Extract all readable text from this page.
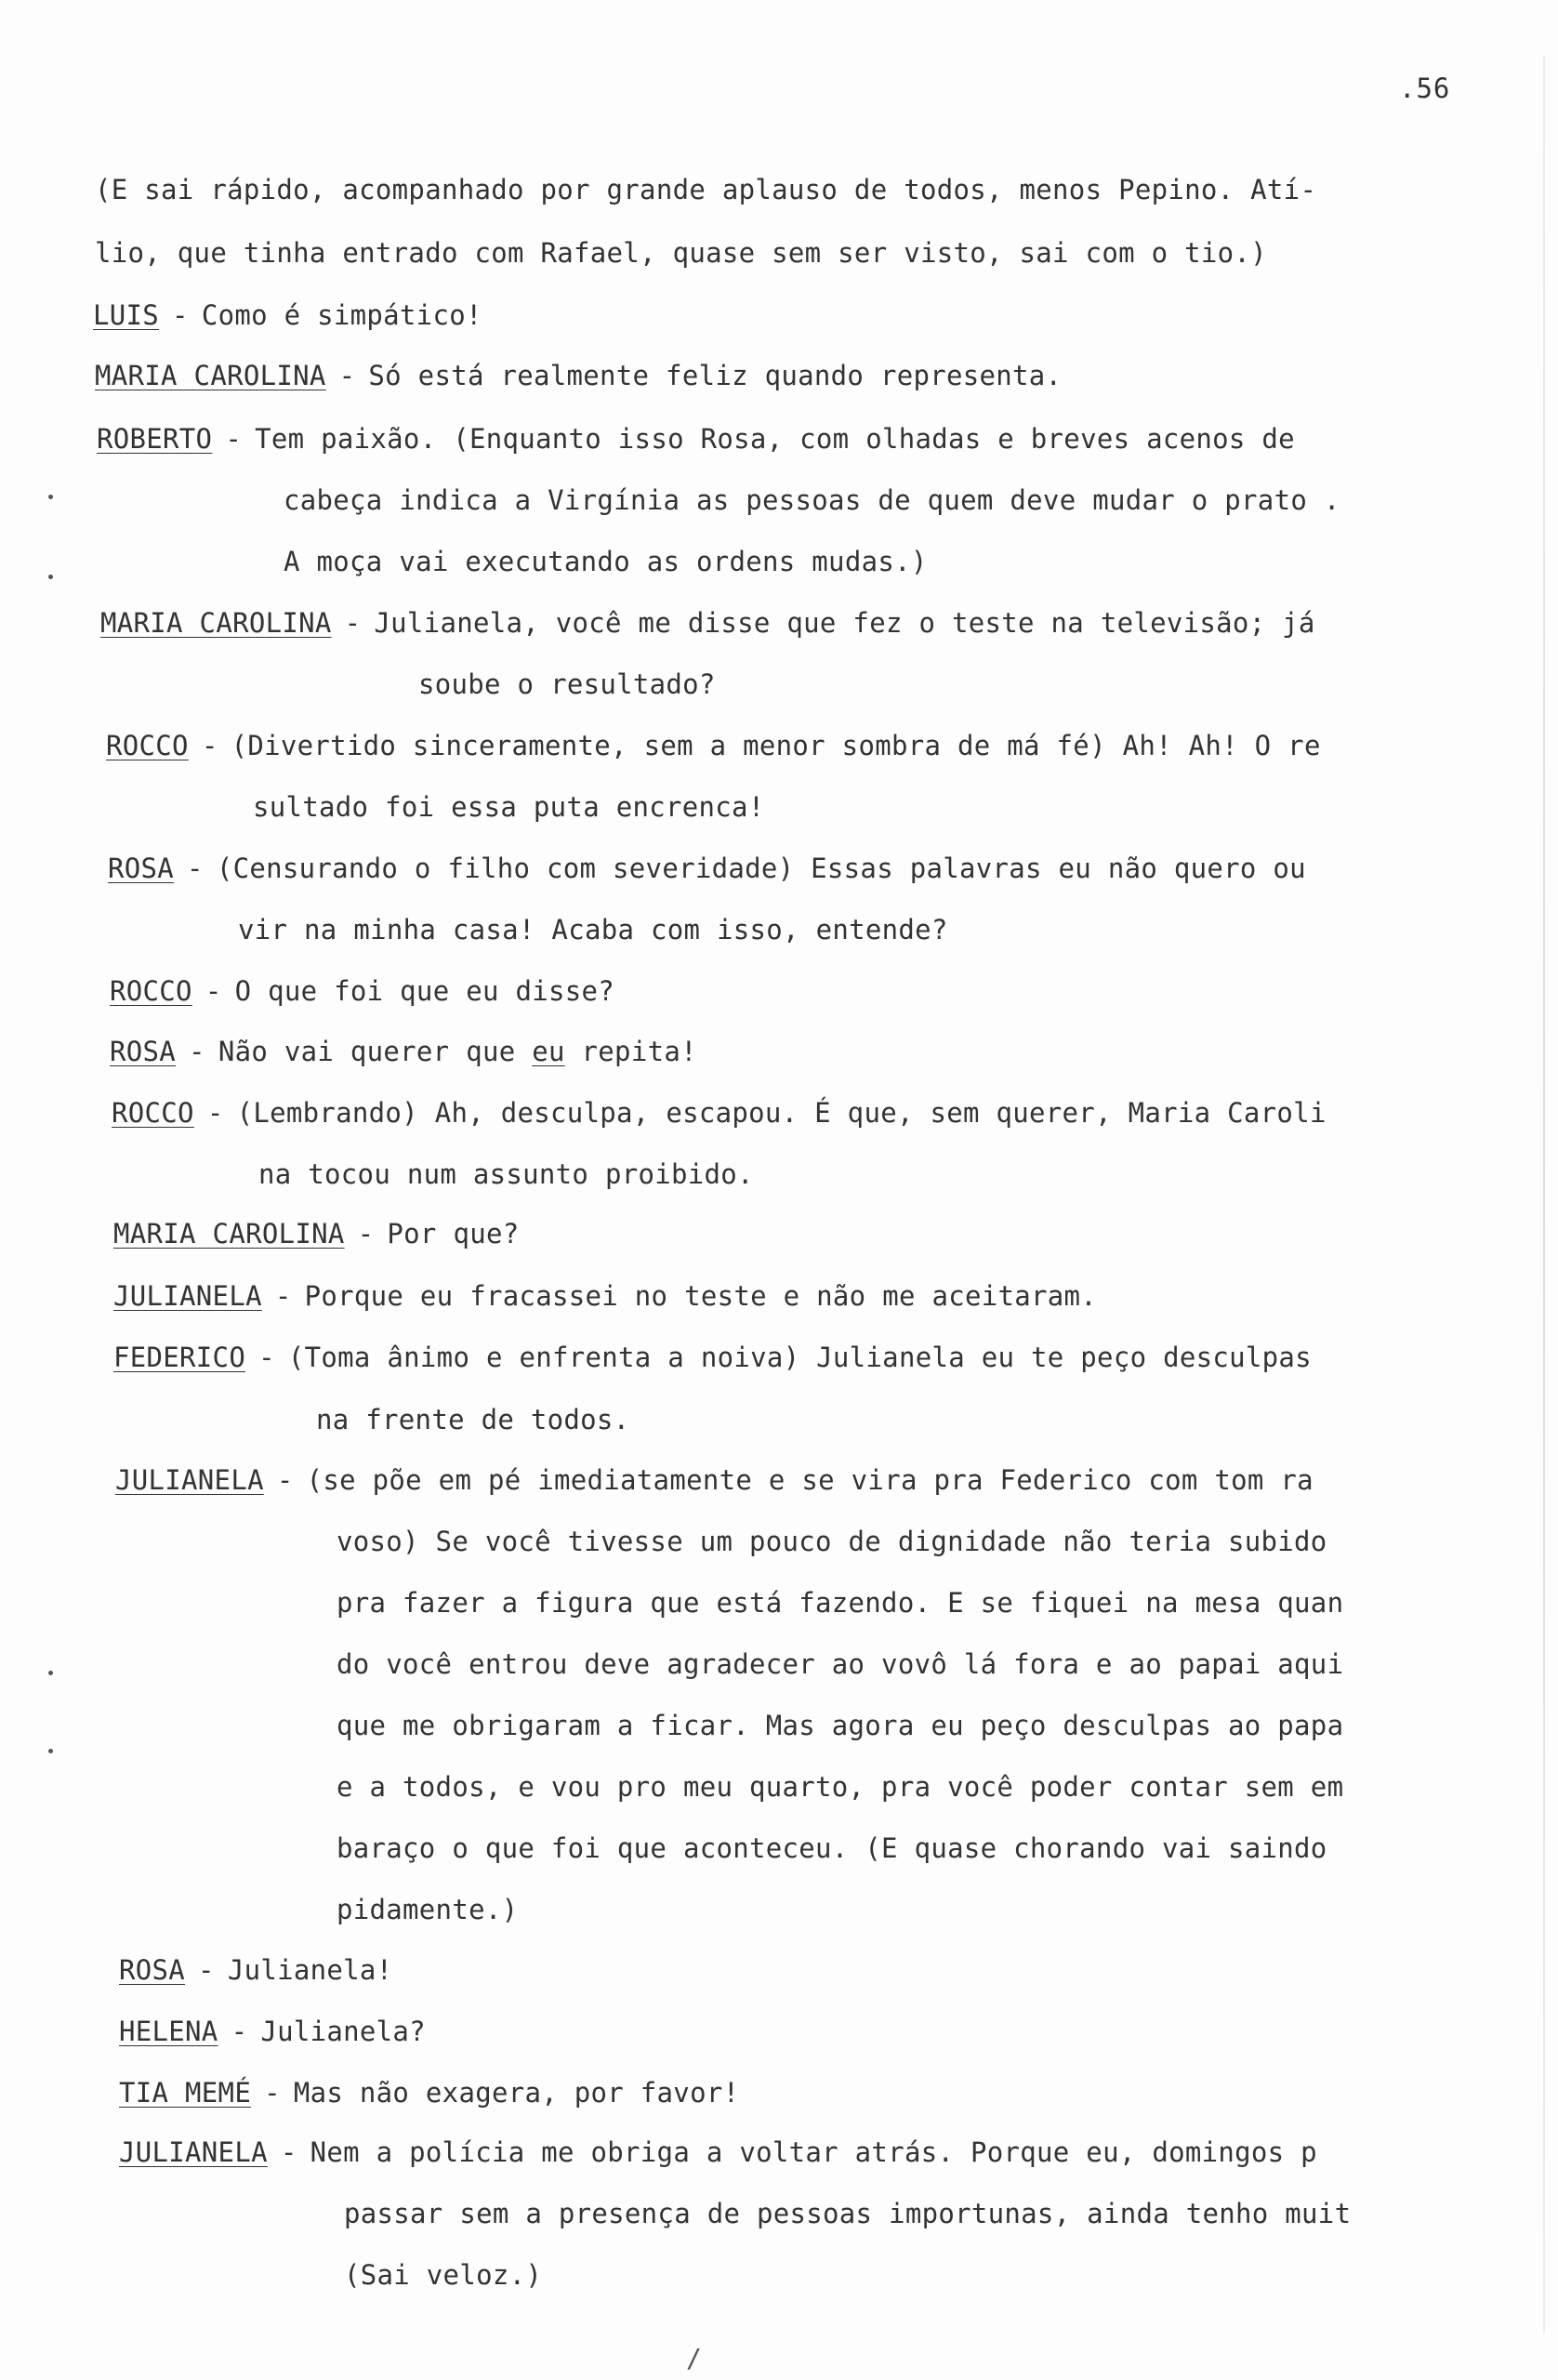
.56
(E sai rápido, acompanhado por grande aplauso de todos, menos Pepino. Atí-
lio, que tinha entrado com Rafael, quase sem ser visto, sai com o tio.)
LUIS - Como é simpático!
MARIA CAROLINA - Só está realmente feliz quando representa.
ROBERTO - Tem paixão. (Enquanto isso Rosa, com olhadas e breves acenos de
cabeça indica a Virgínia as pessoas de quem deve mudar o prato .
A moça vai executando as ordens mudas.)
MARIA CAROLINA - Julianela, você me disse que fez o teste na televisão; já
soube o resultado?
ROCCO - (Divertido sinceramente, sem a menor sombra de má fé) Ah! Ah! O re
sultado foi essa puta encrenca!
ROSA - (Censurando o filho com severidade) Essas palavras eu não quero ou
vir na minha casa! Acaba com isso, entende?
ROCCO - O que foi que eu disse?
ROSA - Não vai querer que eu repita!
ROCCO - (Lembrando) Ah, desculpa, escapou. É que, sem querer, Maria Caroli
na tocou num assunto proibido.
MARIA CAROLINA - Por que?
JULIANELA - Porque eu fracassei no teste e não me aceitaram.
FEDERICO - (Toma ânimo e enfrenta a noiva) Julianela eu te peço desculpas
na frente de todos.
JULIANELA - (se põe em pé imediatamente e se vira pra Federico com tom ra
voso) Se você tivesse um pouco de dignidade não teria subido
pra fazer a figura que está fazendo. E se fiquei na mesa quan
do você entrou deve agradecer ao vovô lá fora e ao papai aqui
que me obrigaram a ficar. Mas agora eu peço desculpas ao papa
e a todos, e vou pro meu quarto, pra você poder contar sem em
baraço o que foi que aconteceu. (E quase chorando vai saindo
pidamente.)
ROSA - Julianela!
HELENA - Julianela?
TIA MEMÉ - Mas não exagera, por favor!
JULIANELA - Nem a polícia me obriga a voltar atrás. Porque eu, domingos p
passar sem a presença de pessoas importunas, ainda tenho muit
(Sai veloz.)
/
